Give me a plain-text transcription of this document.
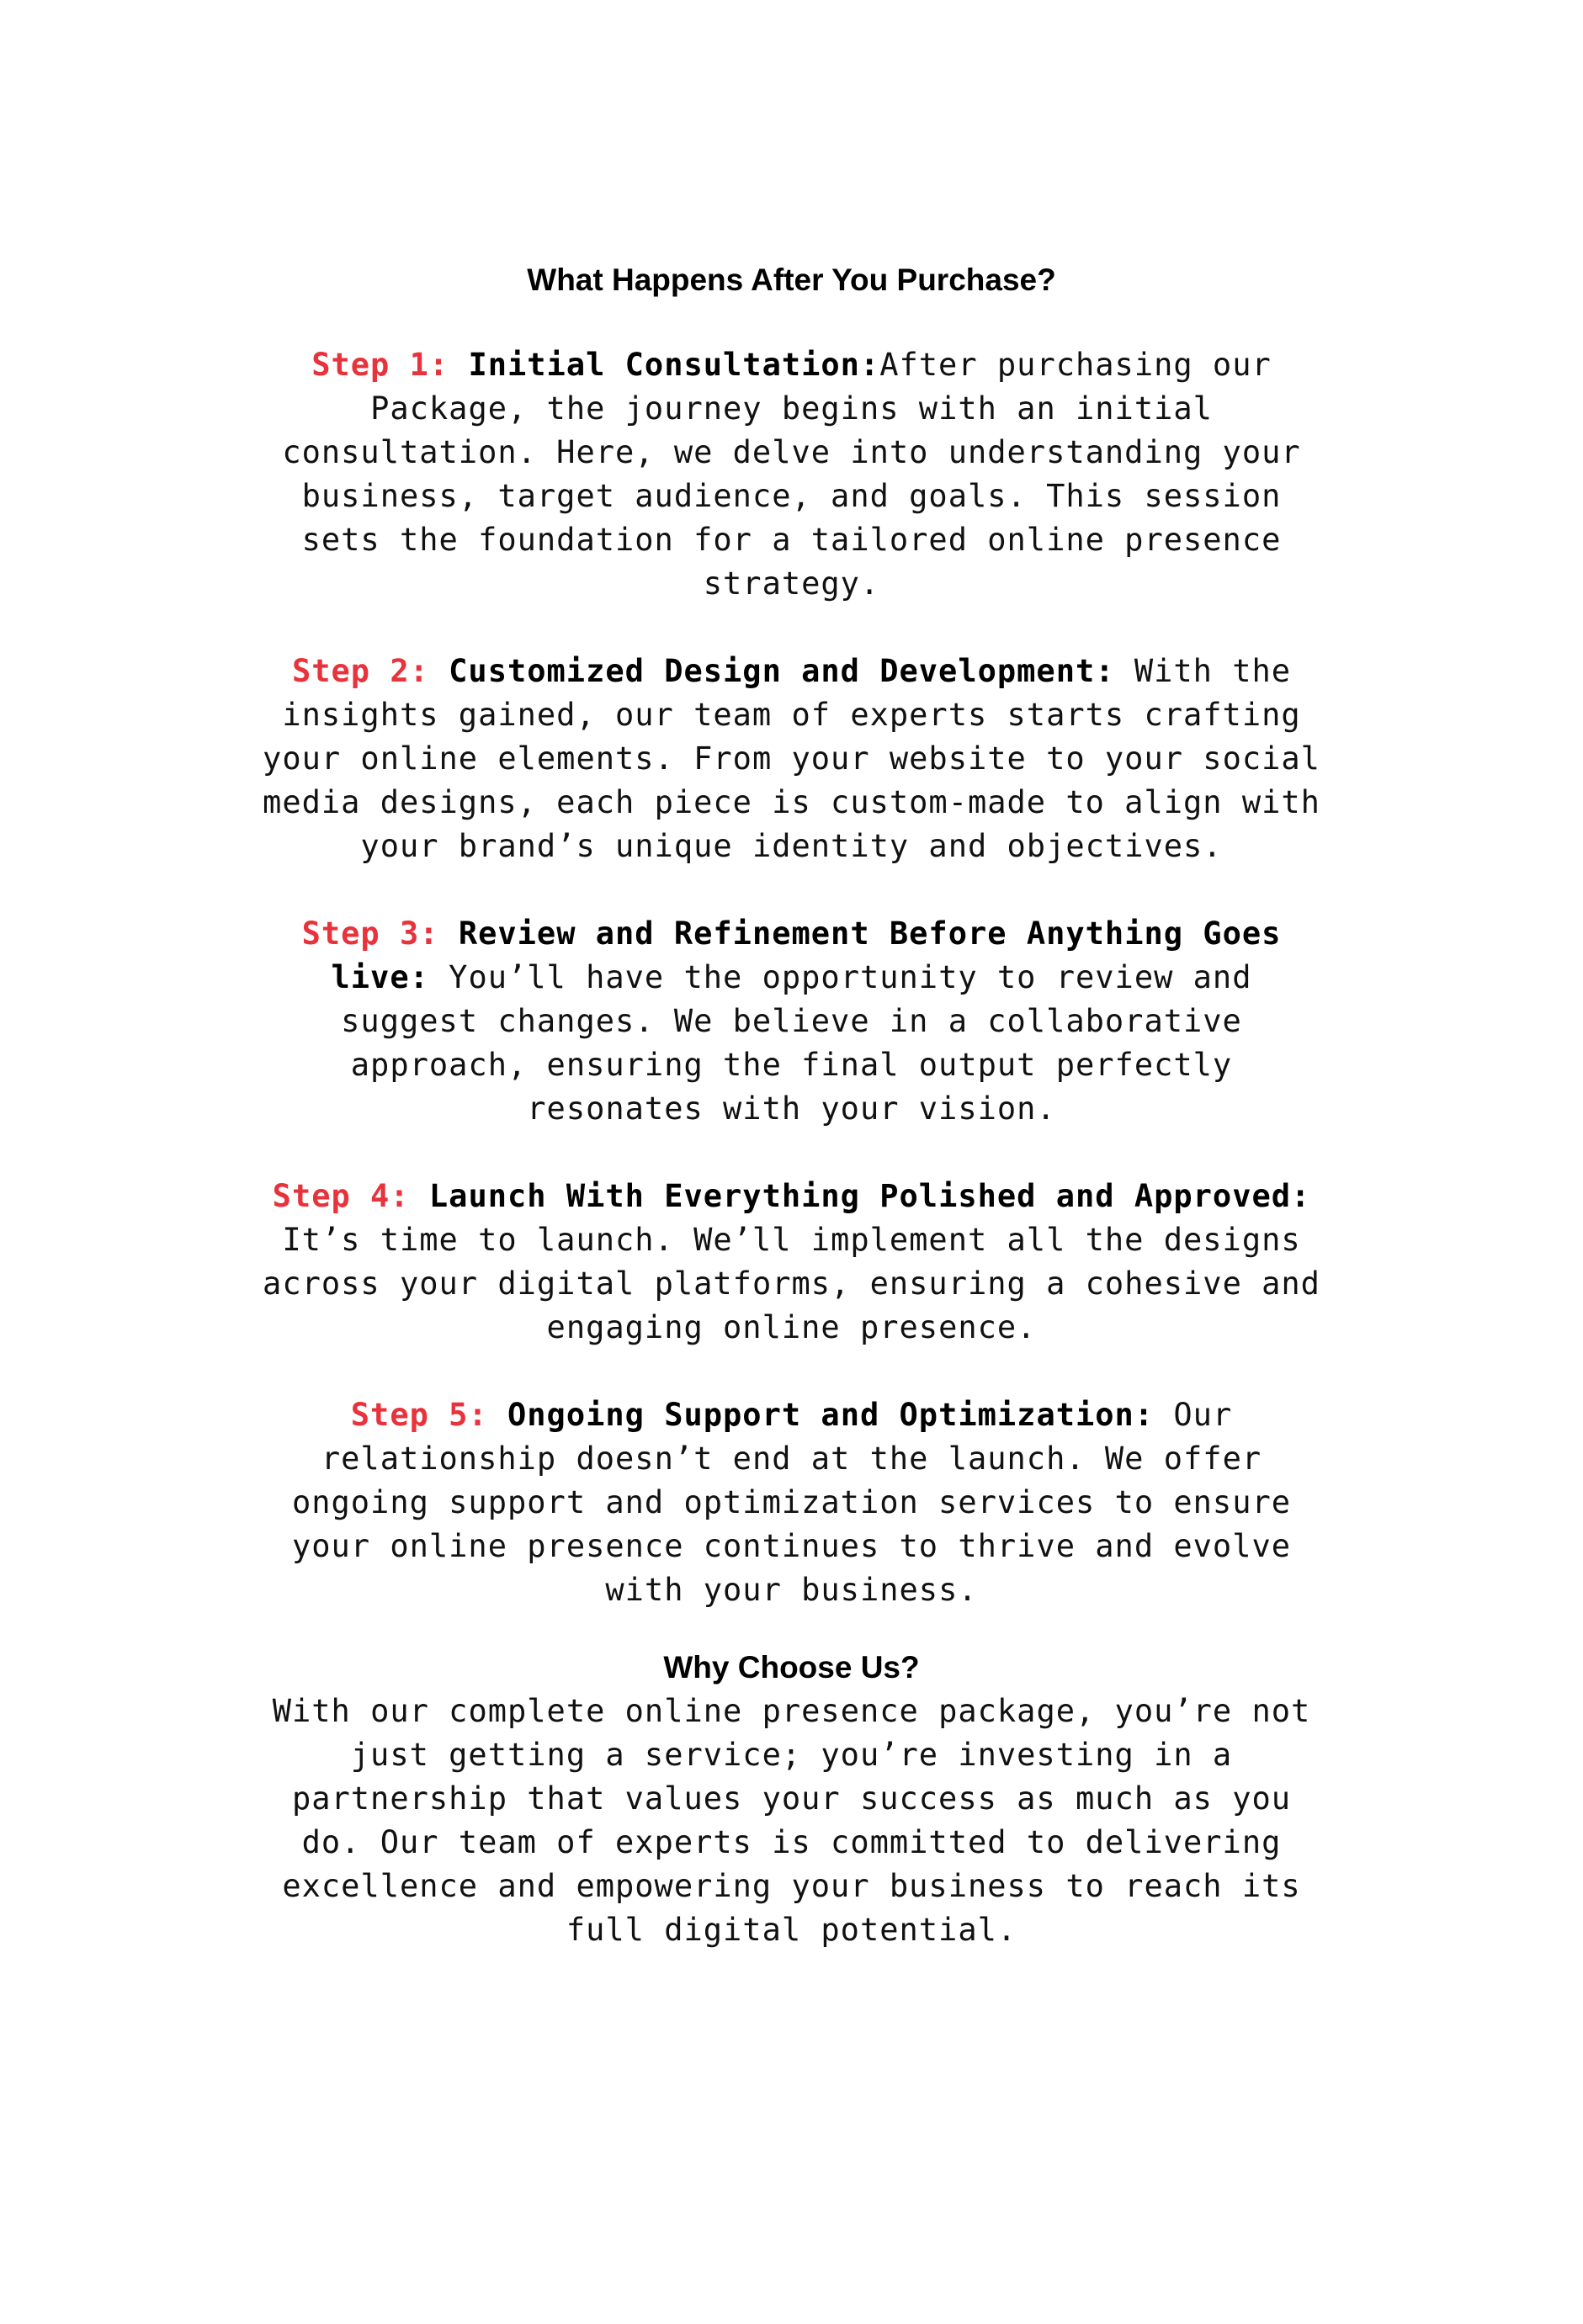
What Happens After You Purchase?

Step 1: Initial Consultation:After purchasing our Package, the journey begins with an initial consultation. Here, we delve into understanding your business, target audience, and goals. This session sets the foundation for a tailored online presence strategy.

Step 2: Customized Design and Development: With the insights gained, our team of experts starts crafting your online elements. From your website to your social media designs, each piece is custom-made to align with your brand’s unique identity and objectives.

Step 3: Review and Refinement Before Anything Goes live: You’ll have the opportunity to review and suggest changes. We believe in a collaborative approach, ensuring the final output perfectly resonates with your vision.

Step 4: Launch With Everything Polished and Approved: It’s time to launch. We’ll implement all the designs across your digital platforms, ensuring a cohesive and engaging online presence.

Step 5: Ongoing Support and Optimization: Our relationship doesn’t end at the launch. We offer ongoing support and optimization services to ensure your online presence continues to thrive and evolve with your business.

Why Choose Us?

With our complete online presence package, you’re not just getting a service; you’re investing in a partnership that values your success as much as you do. Our team of experts is committed to delivering excellence and empowering your business to reach its full digital potential.
